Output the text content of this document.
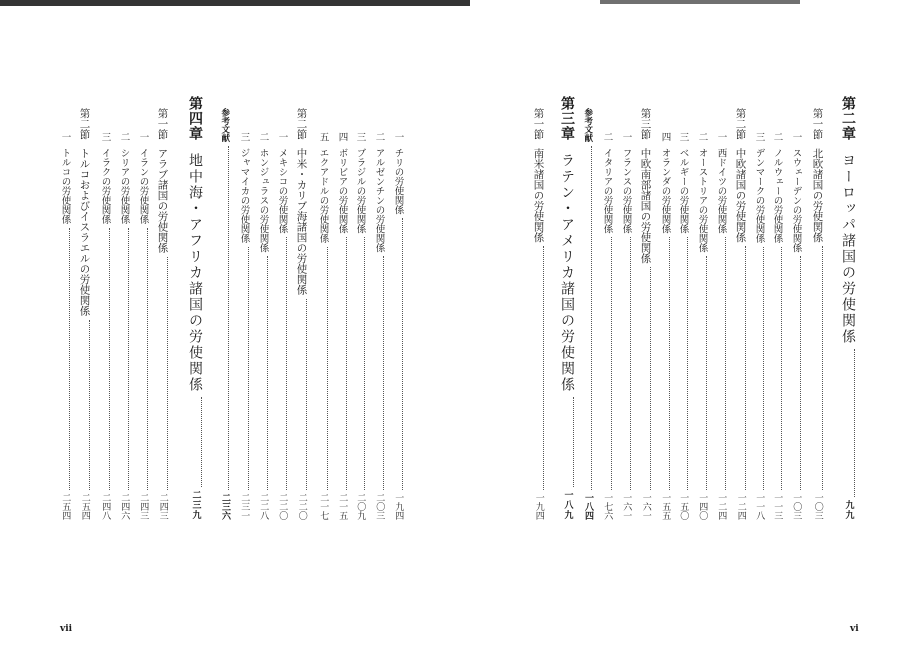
第二章
ヨーロッパ諸国の労使関係
九九
第一節
北欧諸国の労使関係
一〇三
一
スウェーデンの労使関係
一〇三
二
ノルウェーの労使関係
一一三
三
デンマークの労使関係
一一八
第二節
中欧諸国の労使関係
一二四
一
西ドイツの労使関係
一二四
二
オーストリアの労使関係
一四〇
三
ベルギーの労使関係
一五〇
四
オランダの労使関係
一五五
第三節
中欧南部諸国の労使関係
一六一
一
フランスの労使関係
一六一
二
イタリアの労使関係
一七六
参考文献
一八四
第三章
ラテン・アメリカ諸国の労使関係
一八九
第一節
南米諸国の労使関係
一九四
vi
一
チリの労使関係
一九四
二
アルゼンチンの労使関係
二〇三
三
ブラジルの労使関係
二〇九
四
ボリビアの労使関係
二一五
五
エクアドルの労使関係
二一七
第二節
中米・カリブ海諸国の労使関係
二二〇
一
メキシコの労使関係
二二〇
二
ホンジュラスの労使関係
二二八
三
ジャマイカの労使関係
二三一
参考文献
二三六
第四章
地中海・アフリカ諸国の労使関係
二三九
第一節
アラブ諸国の労使関係
二四三
一
イランの労使関係
二四三
二
シリアの労使関係
二四六
三
イラクの労使関係
二四八
第二節
トルコおよびイスラエルの労使関係
二五四
一
トルコの労使関係
二五四
vii
